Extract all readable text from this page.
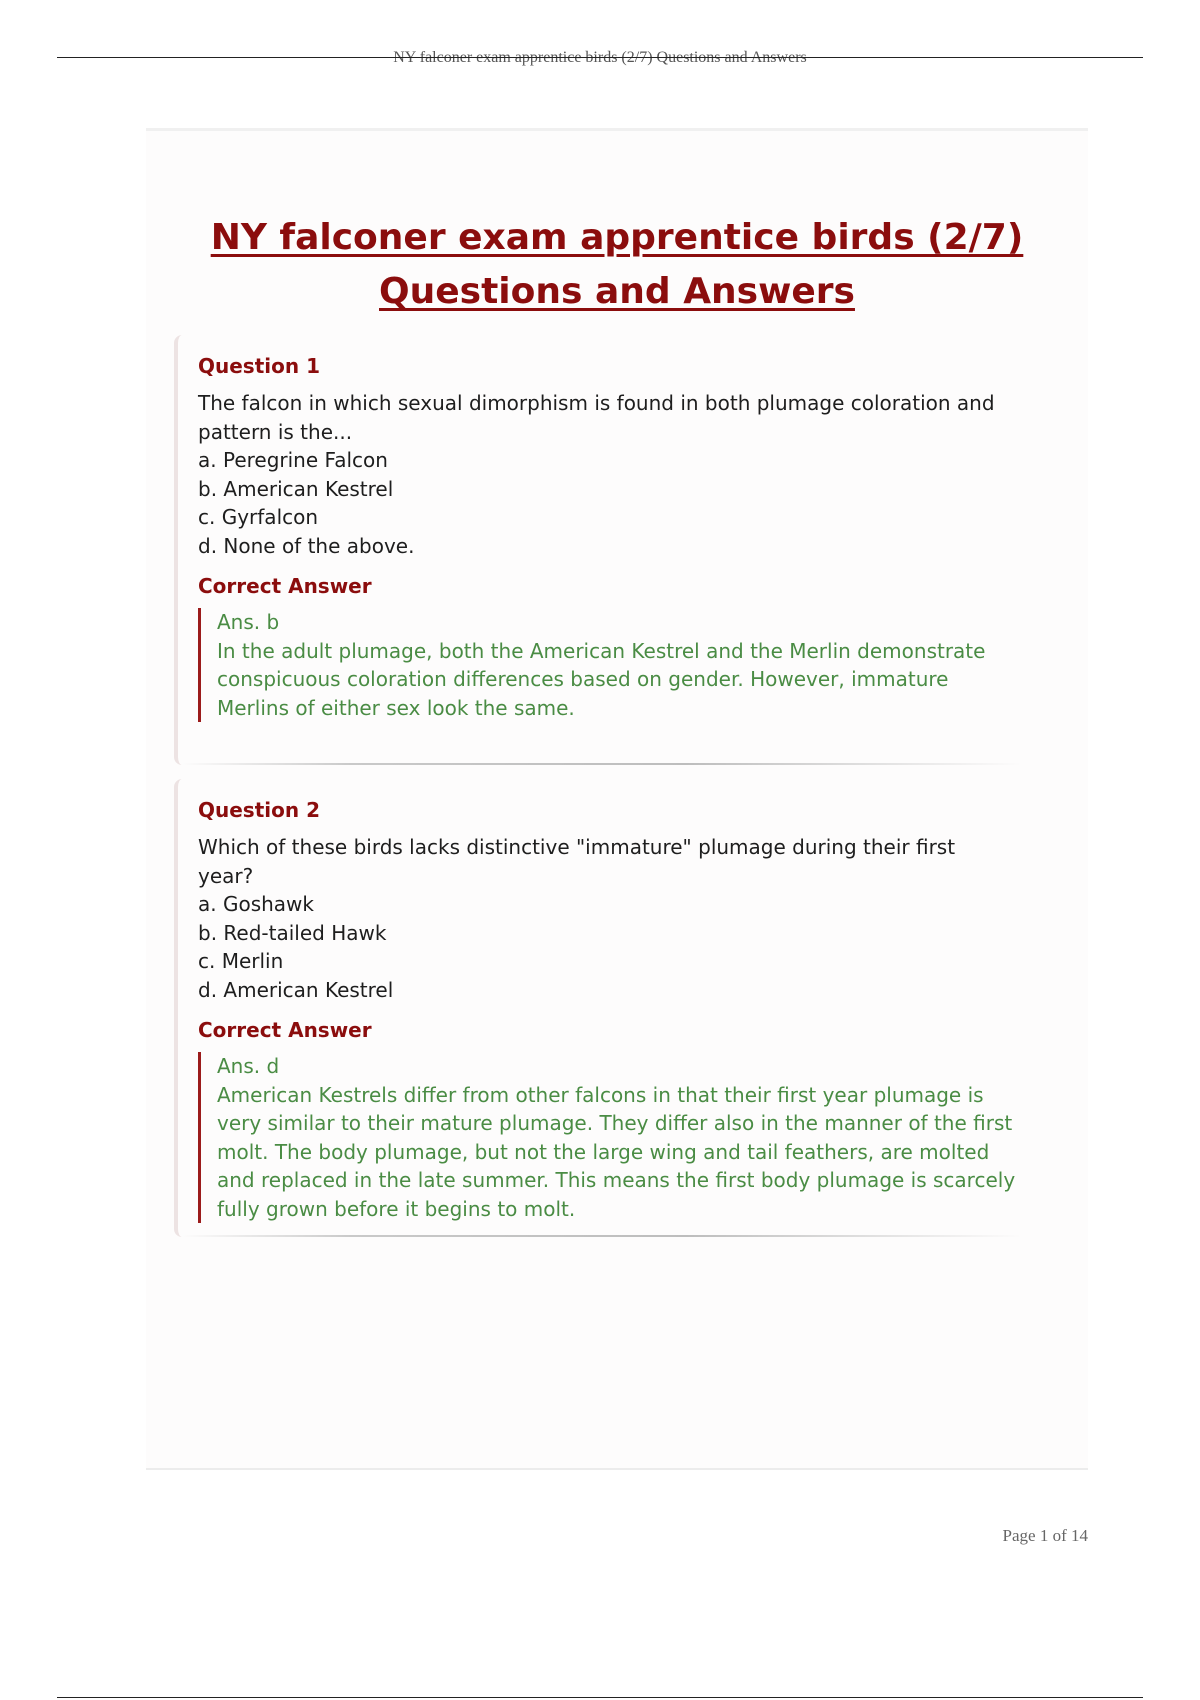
NY falconer exam apprentice birds (2/7) Questions and Answers
NY falconer exam apprentice birds (2/7)
Questions and Answers
Question 1
The falcon in which sexual dimorphism is found in both plumage coloration and pattern is the...
a. Peregrine Falcon
b. American Kestrel
c. Gyrfalcon
d. None of the above.
Correct Answer
Ans. b
In the adult plumage, both the American Kestrel and the Merlin demonstrate conspicuous coloration differences based on gender. However, immature Merlins of either sex look the same.
Question 2
Which of these birds lacks distinctive "immature" plumage during their first year?
a. Goshawk
b. Red-tailed Hawk
c. Merlin
d. American Kestrel
Correct Answer
Ans. d
American Kestrels differ from other falcons in that their first year plumage is very similar to their mature plumage. They differ also in the manner of the first molt. The body plumage, but not the large wing and tail feathers, are molted and replaced in the late summer. This means the first body plumage is scarcely fully grown before it begins to molt.
Page 1 of 14
